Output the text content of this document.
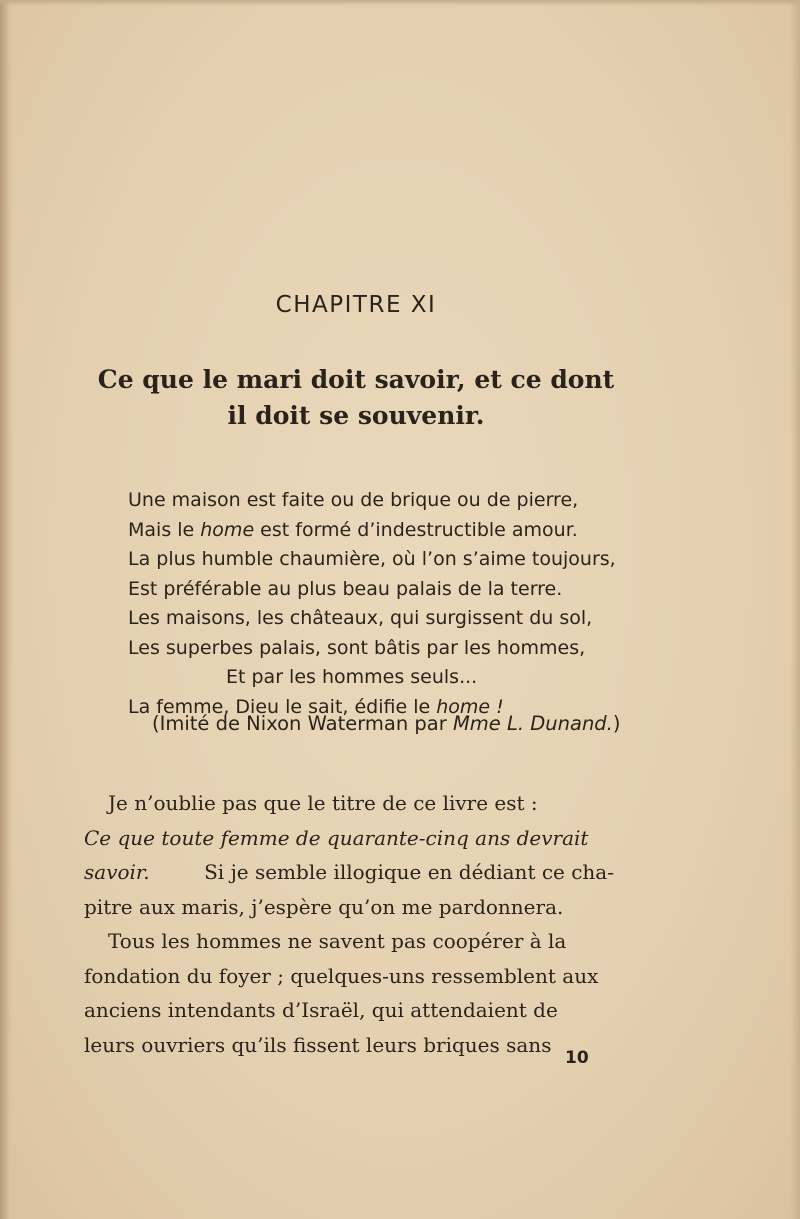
CHAPITRE XI
Ce que le mari doit savoir, et ce dont
il doit se souvenir.
Une maison est faite ou de brique ou de pierre,
Mais le home est formé d’indestructible amour.
La plus humble chaumière, où l’on s’aime toujours,
Est préférable au plus beau palais de la terre.
Les maisons, les châteaux, qui surgissent du sol,
Les superbes palais, sont bâtis par les hommes,
Et par les hommes seuls...
La femme, Dieu le sait, édifie le home !
(Imité de Nixon Waterman par Mme L. Dunand.)
Je n’oublie pas que le titre de ce livre est :
Ce que toute femme de quarante-cinq ans devrait
savoir.	Si je semble illogique en dédiant ce cha-
pitre aux maris, j’espère qu’on me pardonnera.
Tous les hommes ne savent pas coopérer à la
fondation du foyer ; quelques-uns ressemblent aux
anciens intendants d’Israël, qui attendaient de
leurs ouvriers qu’ils fissent leurs briques sans
10
